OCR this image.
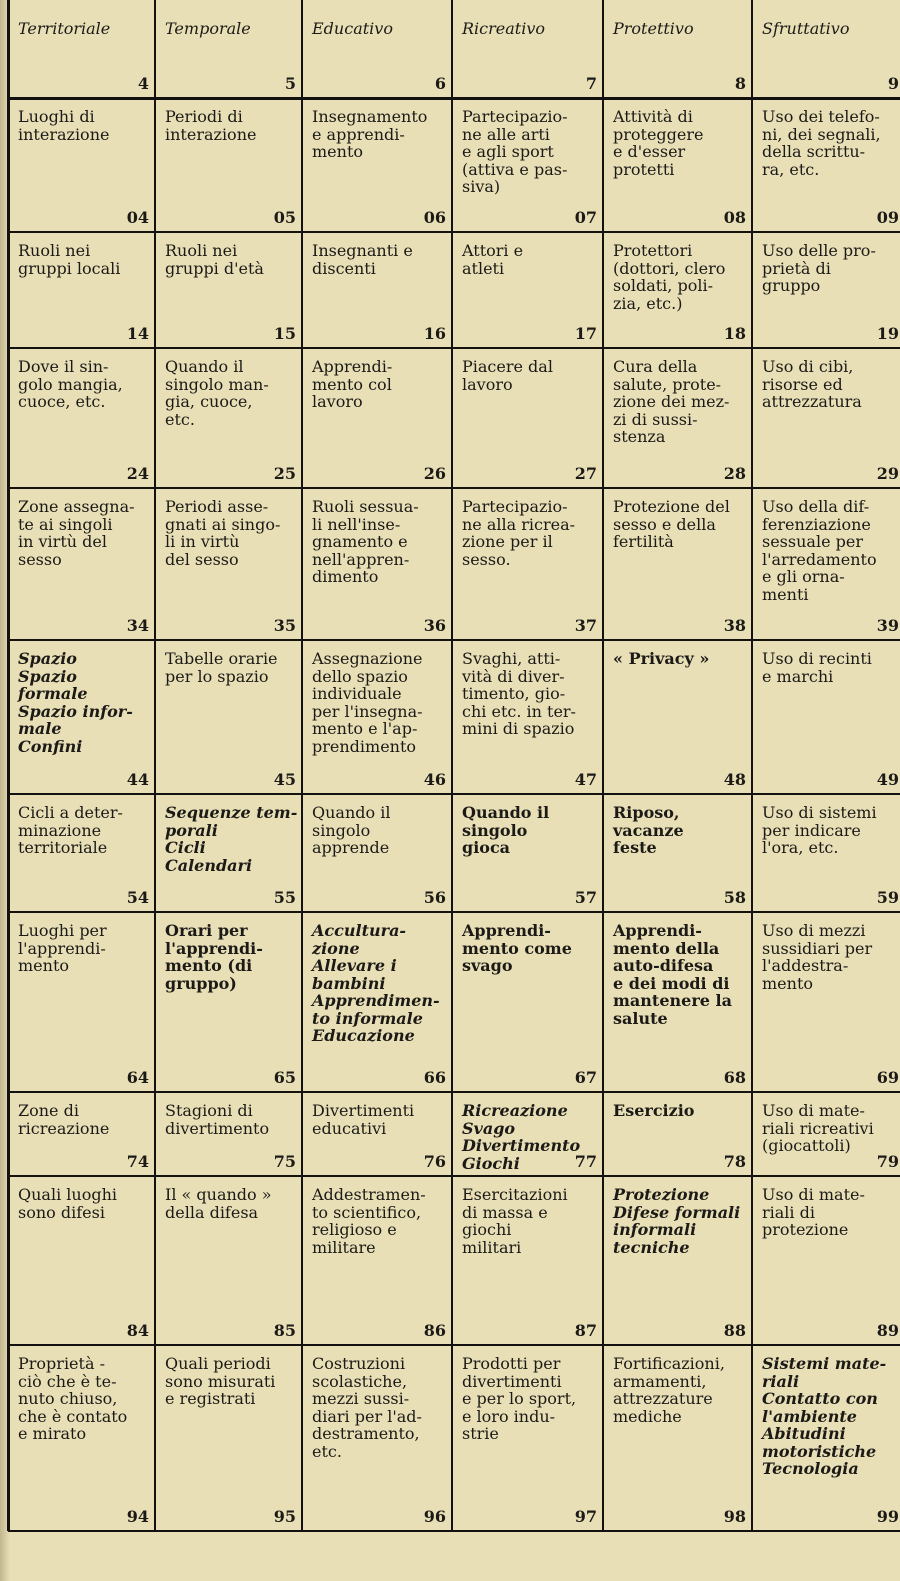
Territoriale
4
Temporale
5
Educativo
6
Ricreativo
7
Protettivo
8
Sfruttativo
9
Luoghi di
interazione
04
Periodi di
interazione
05
Insegnamento
e apprendi-
mento
06
Partecipazio-
ne alle arti
e agli sport
(attiva e pas-
siva)
07
Attività di
proteggere
e d'esser
protetti
08
Uso dei telefo-
ni, dei segnali,
della scrittu-
ra, etc.
09
Ruoli nei
gruppi locali
14
Ruoli nei
gruppi d'età
15
Insegnanti e
discenti
16
Attori e
atleti
17
Protettori
(dottori, clero
soldati, poli-
zia, etc.)
18
Uso delle pro-
prietà di
gruppo
19
Dove il sin-
golo mangia,
cuoce, etc.
24
Quando il
singolo man-
gia, cuoce,
etc.
25
Apprendi-
mento col
lavoro
26
Piacere dal
lavoro
27
Cura della
salute, prote-
zione dei mez-
zi di sussi-
stenza
28
Uso di cibi,
risorse ed
attrezzatura
29
Zone assegna-
te ai singoli
in virtù del
sesso
34
Periodi asse-
gnati ai singo-
li in virtù
del sesso
35
Ruoli sessua-
li nell'inse-
gnamento e
nell'appren-
dimento
36
Partecipazio-
ne alla ricrea-
zione per il
sesso.
37
Protezione del
sesso e della
fertilità
38
Uso della dif-
ferenziazione
sessuale per
l'arredamento
e gli orna-
menti
39
Spazio
Spazio formale
Spazio infor-
male
Confini
44
Tabelle orarie
per lo spazio
45
Assegnazione
dello spazio
individuale
per l'insegna-
mento e l'ap-
prendimento
46
Svaghi, atti-
vità di diver-
timento, gio-
chi etc. in ter-
mini di spazio
47
« Privacy »
48
Uso di recinti
e marchi
49
Cicli a deter-
minazione
territoriale
54
Sequenze tem-
porali
Cicli
Calendari
55
Quando il
singolo
apprende
56
Quando il
singolo
gioca
57
Riposo,
vacanze
feste
58
Uso di sistemi
per indicare
l'ora, etc.
59
Luoghi per
l'apprendi-
mento
64
Orari per
l'apprendi-
mento (di
gruppo)
65
Accultura-
zione
Allevare i
bambini
Apprendimen-
to informale
Educazione
66
Apprendi-
mento come
svago
67
Apprendi-
mento della
auto-difesa
e dei modi di
mantenere la
salute
68
Uso di mezzi
sussidiari per
l'addestra-
mento
69
Zone di
ricreazione
74
Stagioni di
divertimento
75
Divertimenti
educativi
76
Ricreazione
Svago
Divertimento
Giochi	77
Esercizio
78
Uso di mate-
riali ricreativi
(giocattoli)
79
Quali luoghi
sono difesi
84
Il « quando »
della difesa
85
Addestramen-
to scientifico,
religioso e
militare
86
Esercitazioni
di massa e
giochi
militari
87
Protezione
Difese formali
informali
tecniche
88
Uso di mate-
riali di
protezione
89
Proprietà -
ciò che è te-
nuto chiuso,
che è contato
e mirato
94
Quali periodi
sono misurati
e registrati
95
Costruzioni
scolastiche,
mezzi sussi-
diari per l'ad-
destramento,
etc.
96
Prodotti per
divertimenti
e per lo sport,
e loro indu-
strie
97
Fortificazioni,
armamenti,
attrezzature
mediche
98
Sistemi mate-
riali
Contatto con
l'ambiente
Abitudini
motoristiche
Tecnologia
99
